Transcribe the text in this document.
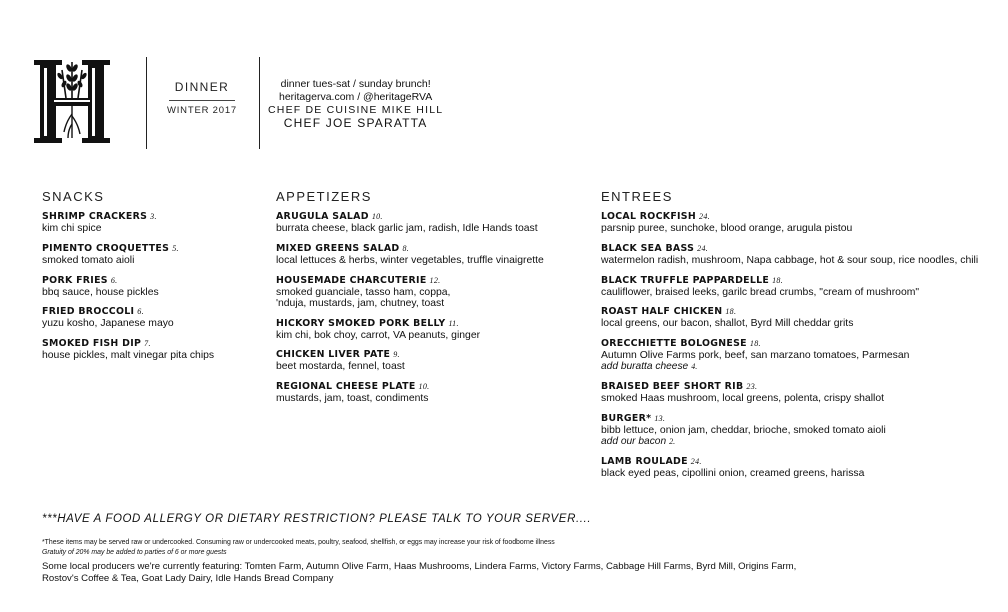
DINNER
WINTER 2017
dinner tues-sat / sunday brunch!
heritagerva.com / @heritageRVA
CHEF DE CUISINE MIKE HILL
CHEF JOE SPARATTA
SNACKS
SHRIMP CRACKERS 3.
kim chi spice
PIMENTO CROQUETTES 5.
smoked tomato aioli
PORK FRIES 6.
bbq sauce, house pickles
FRIED BROCCOLI 6.
yuzu kosho, Japanese mayo
SMOKED FISH DIP 7.
house pickles, malt vinegar pita chips
APPETIZERS
ARUGULA SALAD 10.
burrata cheese, black garlic jam, radish, Idle Hands toast
MIXED GREENS SALAD 8.
local lettuces & herbs, winter vegetables, truffle vinaigrette
HOUSEMADE CHARCUTERIE 12.
smoked guanciale, tasso ham, coppa,
'nduja, mustards, jam, chutney, toast
HICKORY SMOKED PORK BELLY 11.
kim chi, bok choy, carrot, VA peanuts, ginger
CHICKEN LIVER PATE 9.
beet mostarda, fennel, toast
REGIONAL CHEESE PLATE 10.
mustards, jam, toast, condiments
ENTREES
LOCAL ROCKFISH 24.
parsnip puree, sunchoke, blood orange, arugula pistou
BLACK SEA BASS 24.
watermelon radish, mushroom, Napa cabbage, hot & sour soup, rice noodles, chili
BLACK TRUFFLE PAPPARDELLE 18.
cauliflower, braised leeks, garilc bread crumbs, "cream of mushroom"
ROAST HALF CHICKEN 18.
local greens, our bacon, shallot, Byrd Mill cheddar grits
ORECCHIETTE BOLOGNESE 18.
Autumn Olive Farms pork, beef, san marzano tomatoes, Parmesan
add buratta cheese 4.
BRAISED BEEF SHORT RIB 23.
smoked Haas mushroom, local greens, polenta, crispy shallot
BURGER* 13.
bibb lettuce, onion jam, cheddar, brioche, smoked tomato aioli
add our bacon 2.
LAMB ROULADE 24.
black eyed peas, cipollini onion, creamed greens, harissa
***HAVE A FOOD ALLERGY OR DIETARY RESTRICTION? PLEASE TALK TO YOUR SERVER....
*These items may be served raw or undercooked. Consuming raw or undercooked meats, poultry, seafood, shellfish, or eggs may increase your risk of foodborne illness
Gratuity of 20% may be added to parties of 6 or more guests
Some local producers we're currently featuring: Tomten Farm, Autumn Olive Farm, Haas Mushrooms, Lindera Farms, Victory Farms, Cabbage Hill Farms, Byrd Mill, Origins Farm,
Rostov's Coffee & Tea, Goat Lady Dairy, Idle Hands Bread Company
